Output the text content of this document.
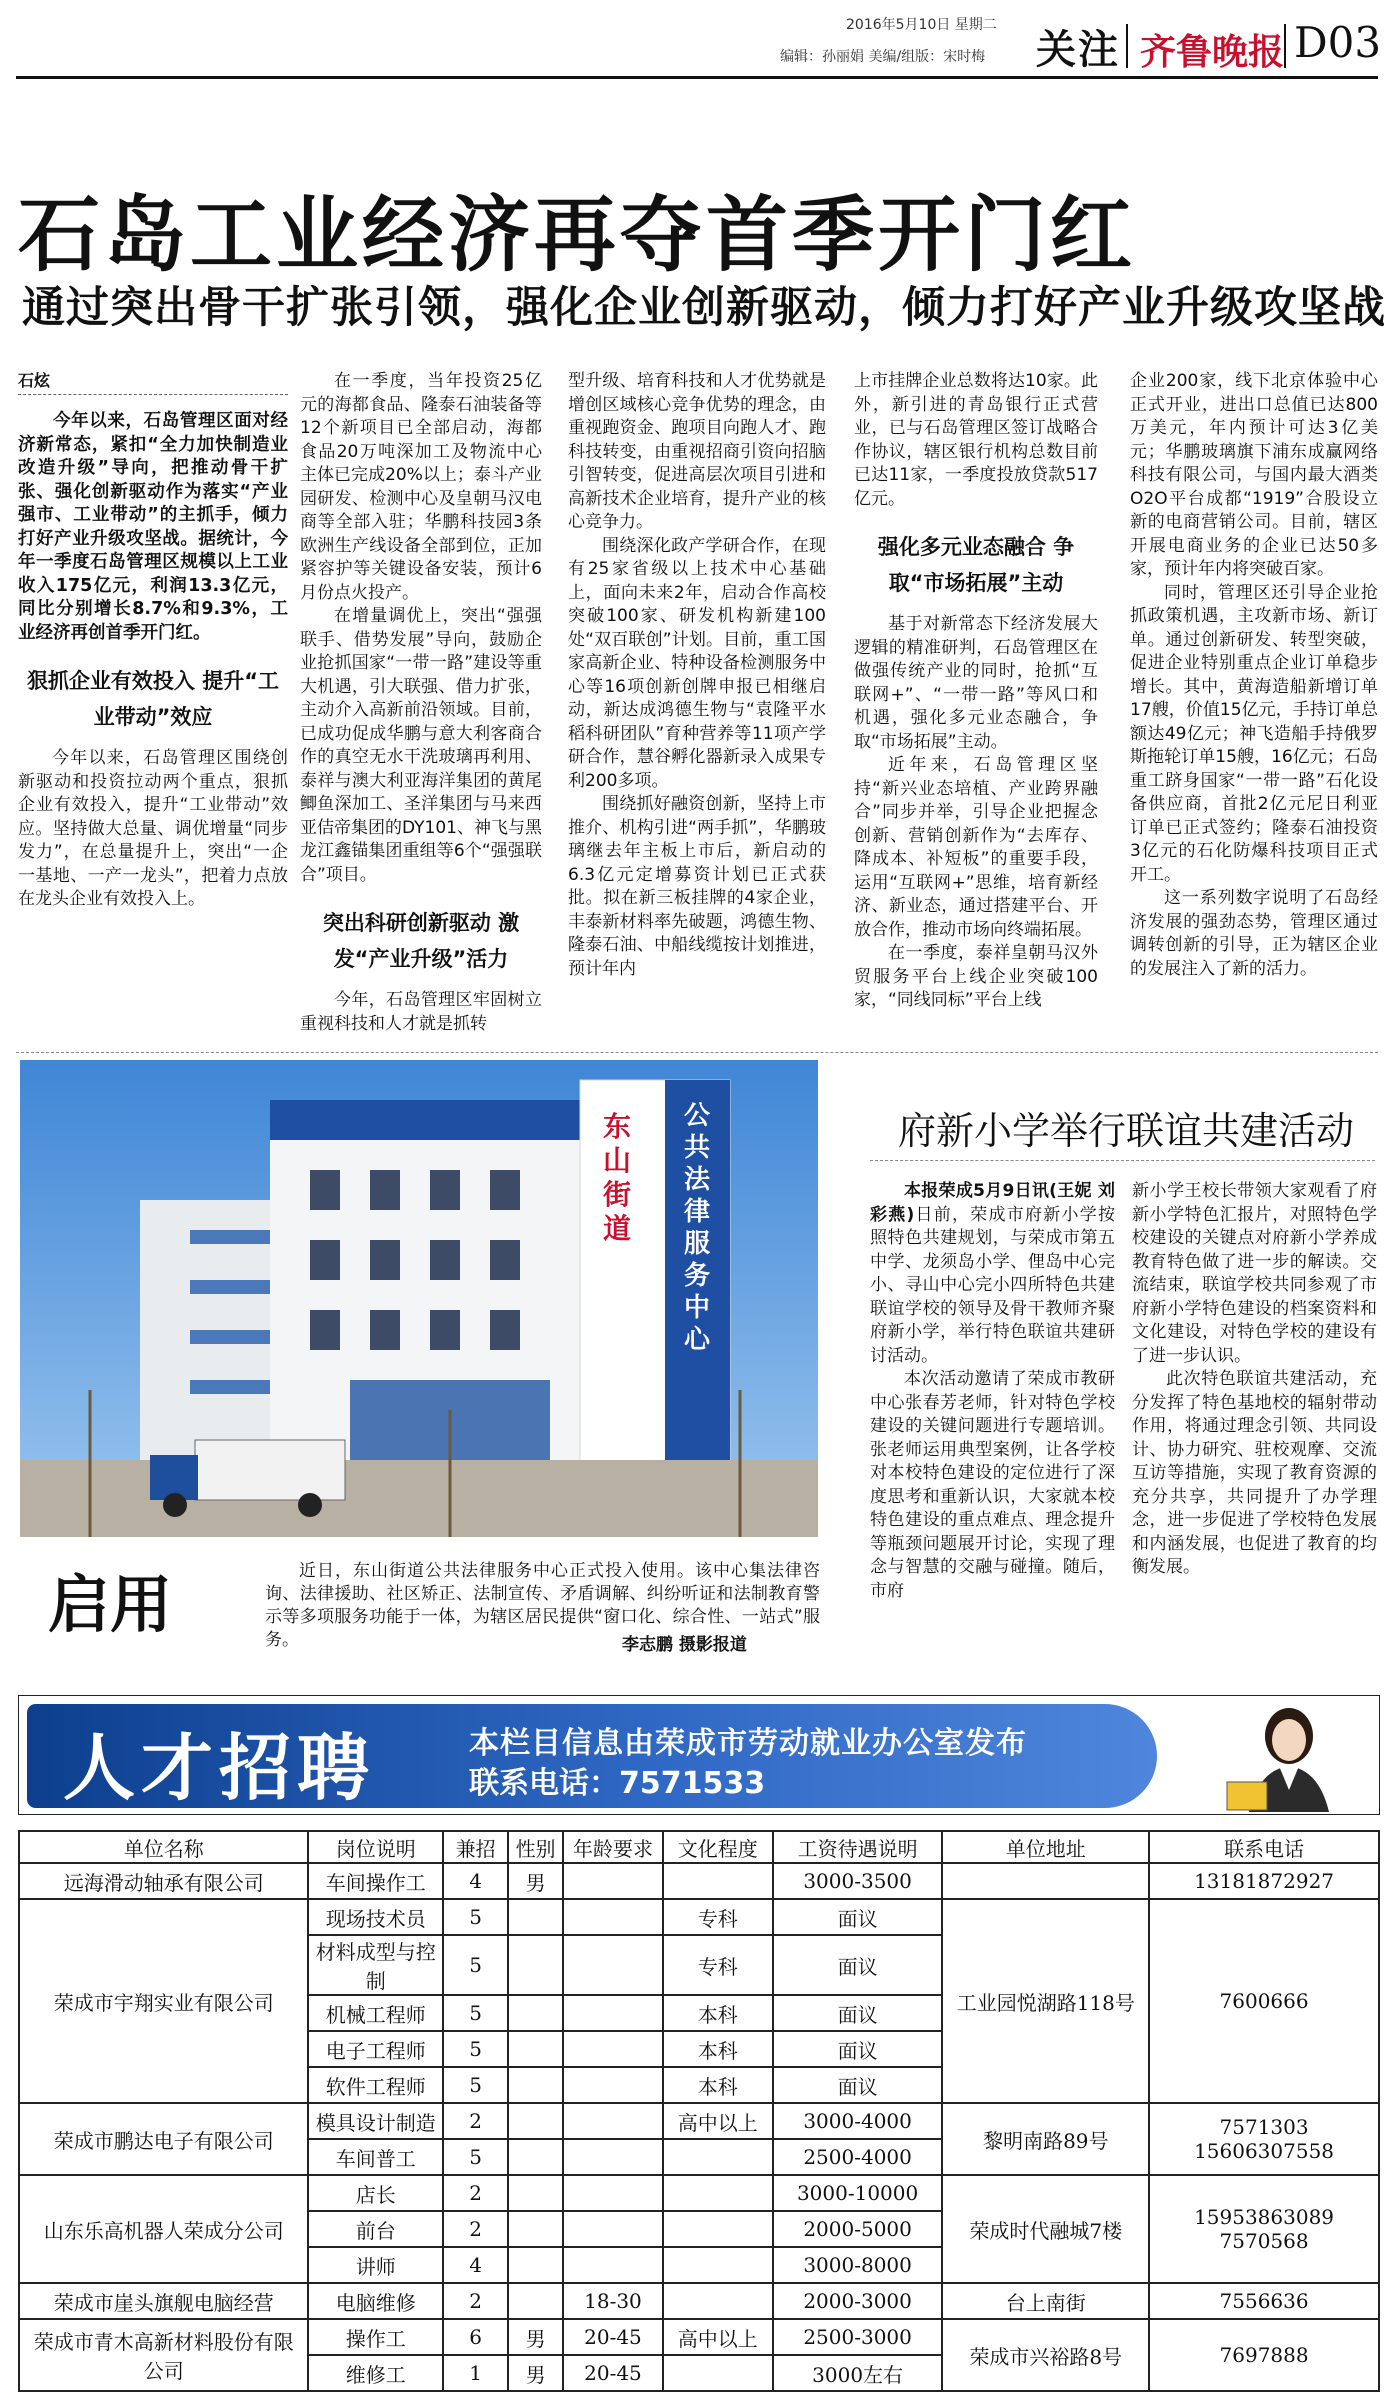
2016年5月10日 星期二
编辑：孙丽娟 美编/组版：宋时梅 关注 齐鲁晚报 D03
石岛工业经济再夺首季开门红
通过突出骨干扩张引领，强化企业创新驱动，倾力打好产业升级攻坚战
石炫

今年以来，石岛管理区面对经济新常态，紧扣“全力加快制造业改造升级”导向，把推动骨干扩张、强化创新驱动作为落实“产业强市、工业带动”的主抓手，倾力打好产业升级攻坚战。据统计，今年一季度石岛管理区规模以上工业收入175亿元，利润13.3亿元，同比分别增长8.7%和9.3%，工业经济再创首季开门红。

狠抓企业有效投入 提升“工业带动”效应

今年以来，石岛管理区围绕创新驱动和投资拉动两个重点，狠抓企业有效投入，提升“工业带动”效应。坚持做大总量、调优增量“同步发力”，在总量提升上，突出“一企一基地、一产一龙头”，把着力点放在龙头企业有效投入上。

在一季度，当年投资25亿元的海都食品、隆泰石油装备等12个新项目已全部启动，海都食品20万吨深加工及物流中心主体已完成20%以上；泰斗产业园研发、检测中心及皇朝马汉电商等全部入驻；华鹏科技园3条欧洲生产线设备全部到位，正加紧容护等关键设备安装，预计6月份点火投产。

在增量调优上，突出“强强联手、借势发展”导向，鼓励企业抢抓国家“一带一路”建设等重大机遇，引大联强、借力扩张，主动介入高新前沿领域。目前，已成功促成华鹏与意大利客商合作的真空无水干洗玻璃再利用、泰祥与澳大利亚海洋集团的黄尾鲫鱼深加工、圣洋集团与马来西亚佶帝集团的DY101、神飞与黑龙江鑫锚集团重组等6个“强强联合”项目。

突出科研创新驱动 激发“产业升级”活力

今年，石岛管理区牢固树立重视科技和人才就是抓转

型升级、培育科技和人才优势就是增创区域核心竞争优势的理念，由重视跑资金、跑项目向跑人才、跑科技转变，由重视招商引资向招脑引智转变，促进高层次项目引进和高新技术企业培育，提升产业的核心竞争力。

围绕深化政产学研合作，在现有25家省级以上技术中心基础上，面向未来2年，启动合作高校突破100家、研发机构新建100处“双百联创”计划。目前，重工国家高新企业、特种设备检测服务中心等16项创新创牌申报已相继启动，新达成鸿德生物与“袁隆平水稻科研团队”育种营养等11项产学研合作，慧谷孵化器新录入成果专利200多项。

围绕抓好融资创新，坚持上市推介、机构引进“两手抓”，华鹏玻璃继去年主板上市后，新启动的6.3亿元定增募资计划已正式获批。拟在新三板挂牌的4家企业，丰泰新材料率先破题，鸿德生物、隆泰石油、中船线缆按计划推进，预计年内

上市挂牌企业总数将达10家。此外，新引进的青岛银行正式营业，已与石岛管理区签订战略合作协议，辖区银行机构总数目前已达11家，一季度投放贷款517亿元。

强化多元业态融合 争取“市场拓展”主动

基于对新常态下经济发展大逻辑的精准研判，石岛管理区在做强传统产业的同时，抢抓“互联网+”、“一带一路”等风口和机遇，强化多元业态融合，争取“市场拓展”主动。

近年来，石岛管理区坚持“新兴业态培植、产业跨界融合”同步并举，引导企业把握念创新、营销创新作为“去库存、降成本、补短板”的重要手段，运用“互联网+”思维，培育新经济、新业态，通过搭建平台、开放合作，推动市场向终端拓展。

在一季度，泰祥皇朝马汉外贸服务平台上线企业突破100家，“同线同标”平台上线

企业200家，线下北京体验中心正式开业，进出口总值已达800万美元，年内预计可达3亿美元；华鹏玻璃旗下浦东成赢网络科技有限公司，与国内最大酒类O2O平台成都“1919”合股设立新的电商营销公司。目前，辖区开展电商业务的企业已达50多家，预计年内将突破百家。

同时，管理区还引导企业抢抓政策机遇，主攻新市场、新订单。通过创新研发、转型突破，促进企业特别重点企业订单稳步增长。其中，黄海造船新增订单17艘，价值15亿元，手持订单总额达49亿元；神飞造船手持俄罗斯拖轮订单15艘，16亿元；石岛重工跻身国家“一带一路”石化设备供应商，首批2亿元尼日利亚订单已正式签约；隆泰石油投资3亿元的石化防爆科技项目正式开工。

这一系列数字说明了石岛经济发展的强劲态势，管理区通过调转创新的引导，正为辖区企业的发展注入了新的活力。

东山街道
公共法律服务中心
启用	近日，东山街道公共法律服务中心正式投入使用。该中心集法律咨询、法律援助、社区矫正、法制宣传、矛盾调解、纠纷听证和法制教育警示等多项服务功能于一体，为辖区居民提供“窗口化、综合性、一站式”服务。	李志鹏 摄影报道
府新小学举行联谊共建活动

本报荣成5月9日讯(王妮 刘彩燕)日前，荣成市府新小学按照特色共建规划，与荣成市第五中学、龙须岛小学、俚岛中心完小、寻山中心完小四所特色共建联谊学校的领导及骨干教师齐聚府新小学，举行特色联谊共建研讨活动。

本次活动邀请了荣成市教研中心张春芳老师，针对特色学校建设的关键问题进行专题培训。张老师运用典型案例，让各学校对本校特色建设的定位进行了深度思考和重新认识，大家就本校特色建设的重点难点、理念提升等瓶颈问题展开讨论，实现了理念与智慧的交融与碰撞。随后，市府

新小学王校长带领大家观看了府新小学特色汇报片，对照特色学校建设的关键点对府新小学养成教育特色做了进一步的解读。交流结束，联谊学校共同参观了市府新小学特色建设的档案资料和文化建设，对特色学校的建设有了进一步认识。

此次特色联谊共建活动，充分发挥了特色基地校的辐射带动作用，将通过理念引领、共同设计、协力研究、驻校观摩、交流互访等措施，实现了教育资源的充分共享，共同提升了办学理念，进一步促进了学校特色发展和内涵发展，也促进了教育的均衡发展。

人才招聘	本栏目信息由荣成市劳动就业办公室发布
联系电话：7571533
单位名称	岗位说明	兼招	性别	年龄要求	文化程度	工资待遇说明	单位地址	联系电话
远海滑动轴承有限公司	车间操作工	4	男			3000-3500		13181872927
荣成市宇翔实业有限公司	现场技术员	5			专科	面议	工业园悦湖路118号	7600666
	材料成型与控制	5			专科	面议		
	机械工程师	5			本科	面议		
	电子工程师	5			本科	面议		
	软件工程师	5			本科	面议		
荣成市鹏达电子有限公司	模具设计制造	2			高中以上	3000-4000	黎明南路89号	7571303 15606307558
	车间普工	5				2500-4000		
山东乐高机器人荣成分公司	店长	2				3000-10000	荣成时代融城7楼	15953863089 7570568
	前台	2				2000-5000		
	讲师	4				3000-8000		
荣成市崖头旗舰电脑经营	电脑维修	2		18-30		2000-3000	台上南街	7556636
荣成市青木高新材料股份有限公司	操作工	6	男	20-45	高中以上	2500-3000	荣成市兴裕路8号	7697888
	维修工	1	男	20-45		3000左右		
